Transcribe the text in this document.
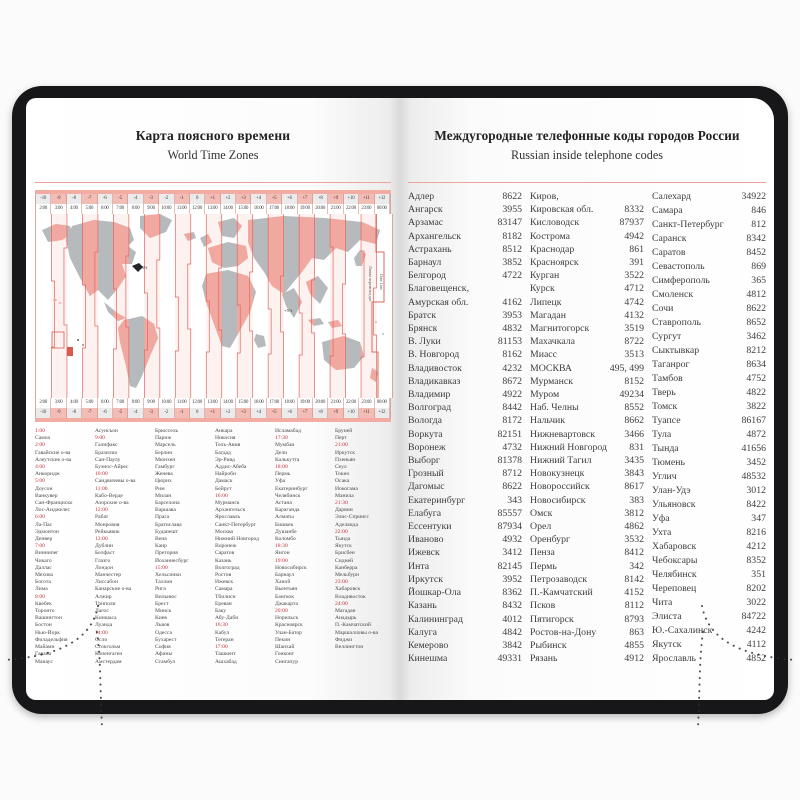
Карта поясного времени
World Time Zones
-10	-9	-8	-7	-6	-5	-4	-3	-2	-1	0	+1	+2	+3	+4	+5	+6	+7	+8	+9	+10	+11	+12
2:00	3:00	4:00	5:00	6:00	7:00	8:00	9:00	10:00	11:00	12:00	13:00	14:00	15:00	16:00	17:00	18:00	19:00	20:00	21:00	22:00	23:00	00:00
-3½
+5½
Линия перемены дат Date Line
2:00	3:00	4:00	5:00	6:00	7:00	8:00	9:00	10:00	11:00	12:00	13:00	14:00	15:00	16:00	17:00	18:00	19:00	20:00	21:00	22:00	23:00	00:00
-10	-9	-8	-7	-6	-5	-4	-3	-2	-1	0	+1	+2	+3	+4	+5	+6	+7	+8	+9	+10	+11	+12
1:00
Самоа
2:00
Гавайские о-ва
Алеутские о-ва
4:00
Анкоридж
5:00
Доусон
Ванкувер
Сан-Франциско
Лос-Анджелес
6:00
Ла-Пас
Эдмонтон
Денвер
7:00
Виннипег
Чикаго
Даллас
Мехико
Богота
Лима
8:00
Квебек
Торонто
Вашингтон
Бостон
Нью-Йорк
Филадельфия
Майами
Гавана
Манаус
Асунсьон
9:00
Галифакс
Бразилиа
Сан-Паулу
Буэнос-Айрес
10:00
Сандвичевы о-ва
11:00
Кабо-Верде
Азорские о-ва
12:00
Рабат
Монровия
Рейкьявик
13:00
Дублин
Белфаст
Глазго
Лондон
Манчестер
Лиссабон
Канарские о-ва
Алжир
Триполи
Лагос
Киншаса
Луанда
14:00
Осло
Стокгольм
Копенгаген
Амстердам
Брюссель
Париж
Марсель
Берлин
Мюнхен
Гамбург
Женева
Цюрих
Рим
Милан
Барселона
Варшава
Прага
Братислава
Будапешт
Вена
Каир
Претория
Йоханнесбург
15:00
Хельсинки
Таллин
Рига
Вильнюс
Брест
Минск
Киев
Львов
Одесса
Бухарест
София
Афины
Стамбул
Анкара
Никосия
Тель-Авив
Багдад
Эр-Рияд
Аддис-Абеба
Найроби
Дамаск
Бейрут
16:00
Мурманск
Архангельск
Ярославль
Санкт-Петербург
Москва
Нижний Новгород
Воронеж
Саратов
Казань
Волгоград
Ростов
Ижевск
Самара
Тбилиси
Ереван
Баку
Абу-Даби
16:30
Кабул
Тегеран
17:00
Ташкент
Ашхабад
Исламабад
17:30
Мумбаи
Дели
Калькутта
18:00
Пермь
Уфа
Екатеринбург
Челябинск
Астана
Караганда
Алматы
Бишкек
Душанбе
Коломбо
18:30
Янгон
19:00
Новосибирск
Барнаул
Ханой
Вьентьян
Бангкок
Джакарта
20:00
Норильск
Красноярск
Улан-Батор
Пекин
Шанхай
Гонконг
Сингапур
Бруней
Перт
21:00
Иркутск
Пхеньян
Сеул
Токио
Осака
Иокогама
Манила
21:30
Дарвин
Элис-Спрингс
Аделаида
22:00
Тында
Якутск
Брисбен
Сидней
Канберра
Мельбурн
23:00
Хабаровск
Владивосток
24:00
Магадан
Анадырь
П.-Камчатский
Маршалловы о-ва
Фиджи
Веллингтон
Междугородные телефонные коды городов России
Russian inside telephone codes
Адлер	8622
Ангарск	3955
Арзамас	83147
Архангельск	8182
Астрахань	8512
Барнаул	3852
Белгород	4722
Благовещенск,
Амурская обл.	4162
Братск	3953
Брянск	4832
В. Луки	81153
В. Новгород	8162
Владивосток	4232
Владикавказ	8672
Владимир	4922
Волгоград	8442
Вологда	8172
Воркута	82151
Воронеж	4732
Выборг	81378
Грозный	8712
Дагомыс	8622
Екатеринбург	343
Елабуга	85557
Ессентуки	87934
Иваново	4932
Ижевск	3412
Инта	82145
Иркутск	3952
Йошкар-Ола	8362
Казань	8432
Калининград	4012
Калуга	4842
Кемерово	3842
Кинешма	49331
Киров,
Кировская обл.	8332
Кисловодск	87937
Кострома	4942
Краснодар	861
Красноярск	391
Курган	3522
Курск	4712
Липецк	4742
Магадан	4132
Магнитогорск	3519
Махачкала	8722
Миасс	3513
МОСКВА	495, 499
Мурманск	8152
Муром	49234
Наб. Челны	8552
Нальчик	8662
Нижневартовск	3466
Нижний Новгород	831
Нижний Тагил	3435
Новокузнецк	3843
Новороссийск	8617
Новосибирск	383
Омск	3812
Орел	4862
Оренбург	3532
Пенза	8412
Пермь	342
Петрозаводск	8142
П.-Камчатский	4152
Псков	8112
Пятигорск	8793
Ростов-на-Дону	863
Рыбинск	4855
Рязань	4912
Салехард	34922
Самара	846
Санкт-Петербург	812
Саранск	8342
Саратов	8452
Севастополь	869
Симферополь	365
Смоленск	4812
Сочи	8622
Ставрополь	8652
Сургут	3462
Сыктывкар	8212
Таганрог	8634
Тамбов	4752
Тверь	4822
Томск	3822
Туапсе	86167
Тула	4872
Тында	41656
Тюмень	3452
Углич	48532
Улан-Удэ	3012
Ульяновск	8422
Уфа	347
Ухта	8216
Хабаровск	4212
Чебоксары	8352
Челябинск	351
Череповец	8202
Чита	3022
Элиста	84722
Ю.-Сахалинск	4242
Якутск	4112
Ярославль	4852
